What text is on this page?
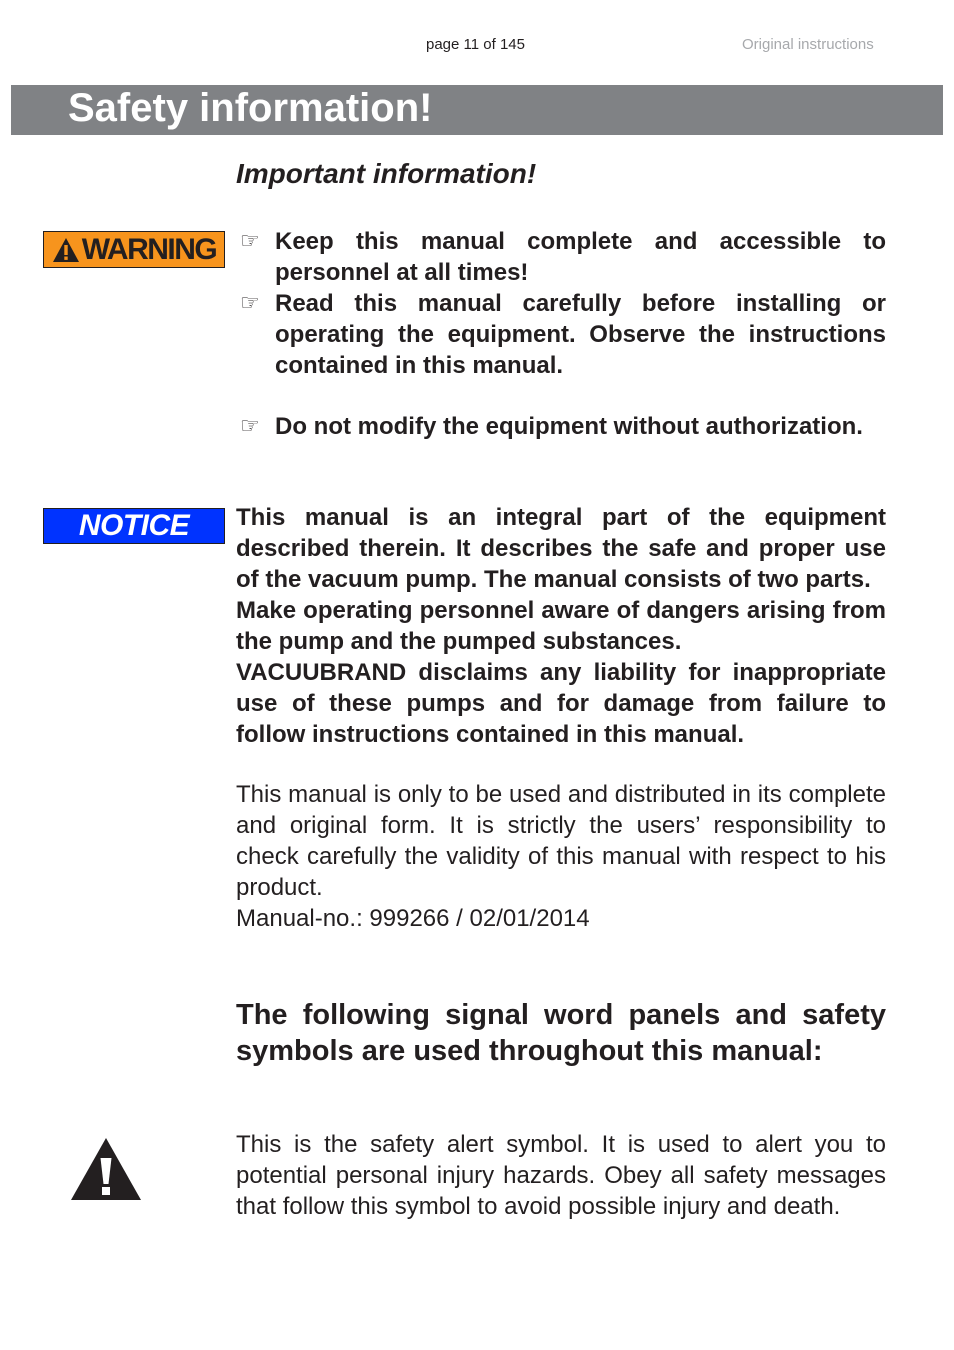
page 11 of 145	Original instructions
Safety information!
Important information!
WARNING ☞ Keep this manual complete and accessible to personnel at all times!
☞ Read this manual carefully before installing or operating the equipment. Observe the instructions contained in this manual.
☞ Do not modify the equipment without authorization.
NOTICE This manual is an integral part of the equipment described therein. It describes the safe and proper use of the vacuum pump. The manual consists of two parts.

Make operating personnel aware of dangers arising from the pump and the pumped substances.

VACUUBRAND disclaims any liability for inappropriate use of these pumps and for damage from failure to follow instructions contained in this manual.

This manual is only to be used and distributed in its complete and original form. It is strictly the users’ responsibility to check carefully the validity of this manual with respect to his product.

Manual-no.: 999266 / 02/01/2014

The following signal word panels and safety symbols are used throughout this manual:

This is the safety alert symbol. It is used to alert you to potential personal injury hazards. Obey all safety messages that follow this symbol to avoid possible injury and death.
